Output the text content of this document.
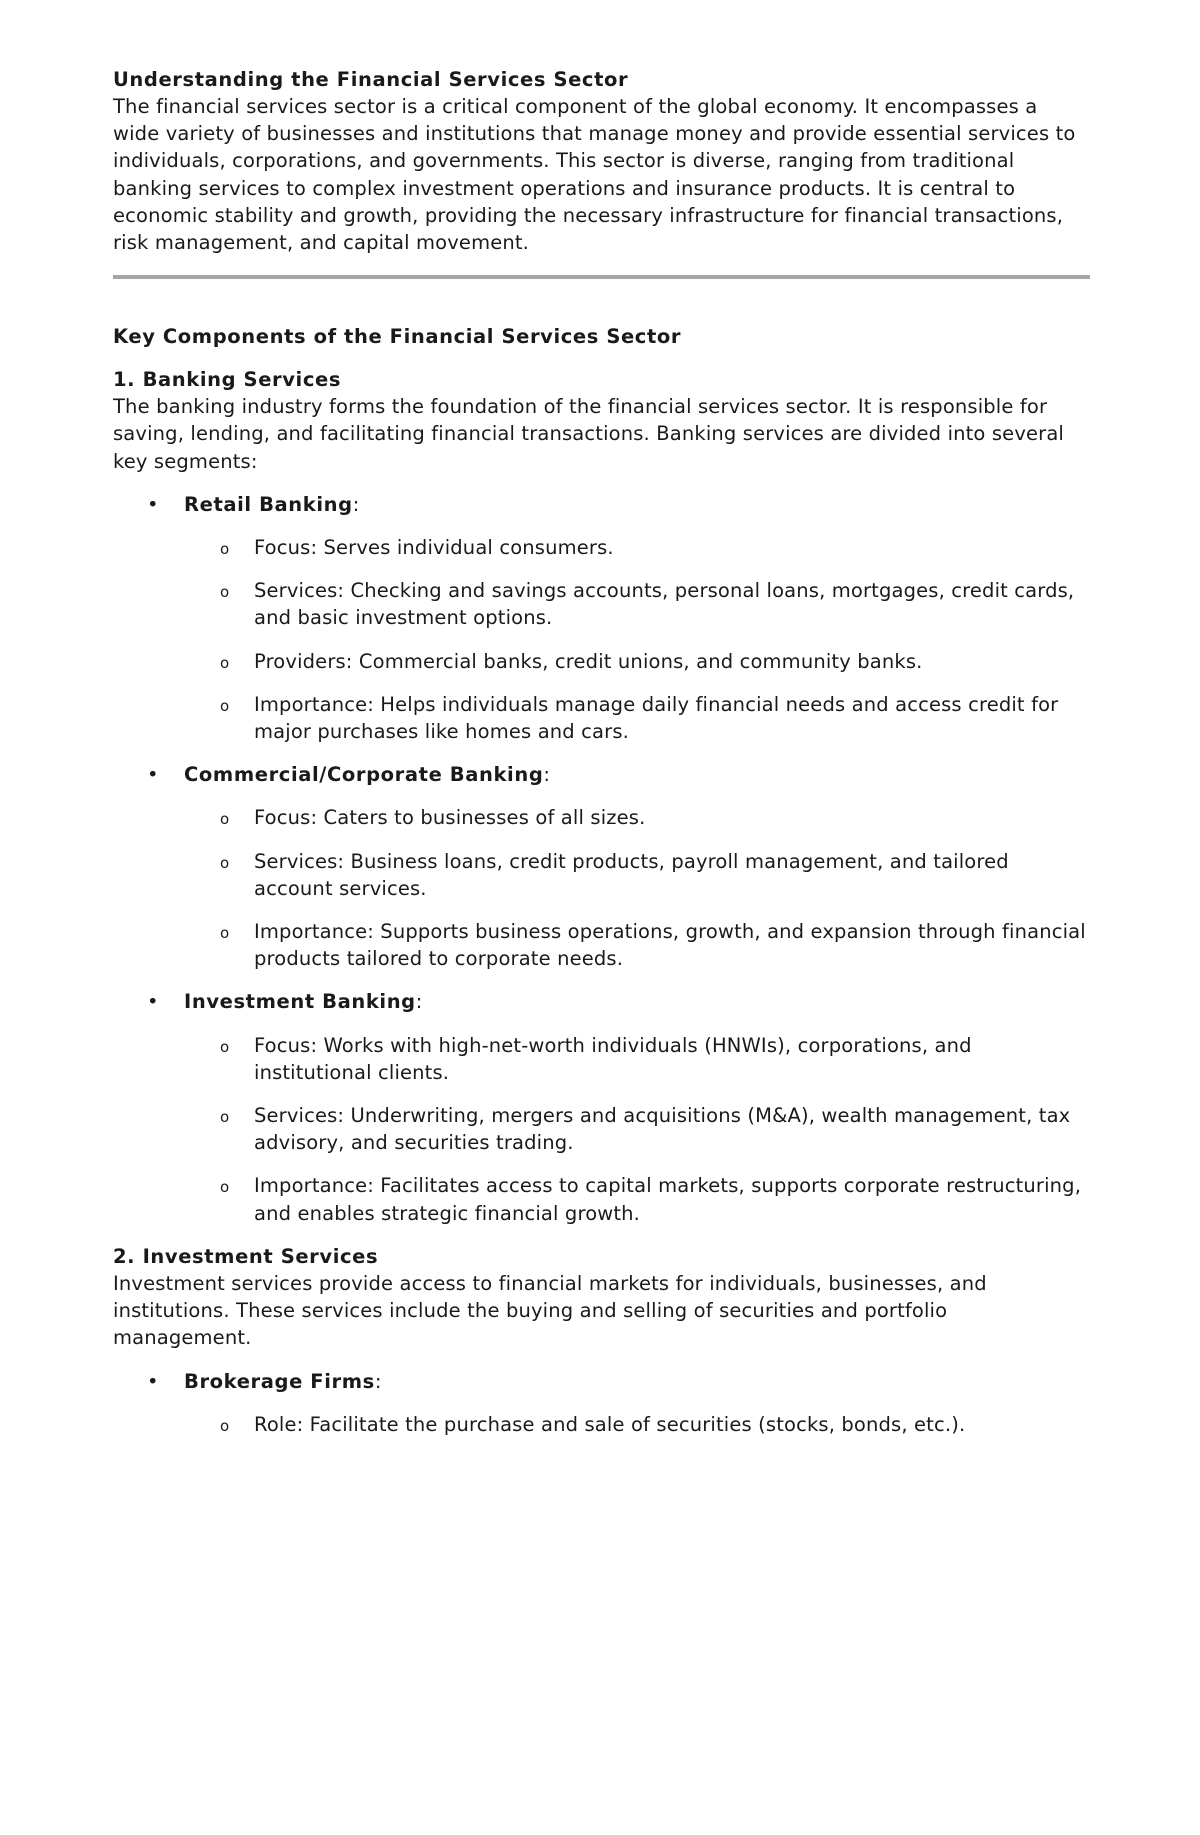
Understanding the Financial Services Sector

The financial services sector is a critical component of the global economy. It encompasses a wide variety of businesses and institutions that manage money and provide essential services to individuals, corporations, and governments. This sector is diverse, ranging from traditional banking services to complex investment operations and insurance products. It is central to economic stability and growth, providing the necessary infrastructure for financial transactions, risk management, and capital movement.

Key Components of the Financial Services Sector
1. Banking Services

The banking industry forms the foundation of the financial services sector. It is responsible for saving, lending, and facilitating financial transactions. Banking services are divided into several key segments:

• Retail Banking:
o Focus: Serves individual consumers.
o Services: Checking and savings accounts, personal loans, mortgages, credit cards, and basic investment options.
o Providers: Commercial banks, credit unions, and community banks.
o Importance: Helps individuals manage daily financial needs and access credit for major purchases like homes and cars.
• Commercial/Corporate Banking:
o Focus: Caters to businesses of all sizes.
o Services: Business loans, credit products, payroll management, and tailored account services.
o Importance: Supports business operations, growth, and expansion through financial products tailored to corporate needs.
• Investment Banking:
o Focus: Works with high-net-worth individuals (HNWIs), corporations, and institutional clients.
o Services: Underwriting, mergers and acquisitions (M&A), wealth management, tax advisory, and securities trading.
o Importance: Facilitates access to capital markets, supports corporate restructuring, and enables strategic financial growth.
2. Investment Services

Investment services provide access to financial markets for individuals, businesses, and institutions. These services include the buying and selling of securities and portfolio management.

• Brokerage Firms:
o Role: Facilitate the purchase and sale of securities (stocks, bonds, etc.).
